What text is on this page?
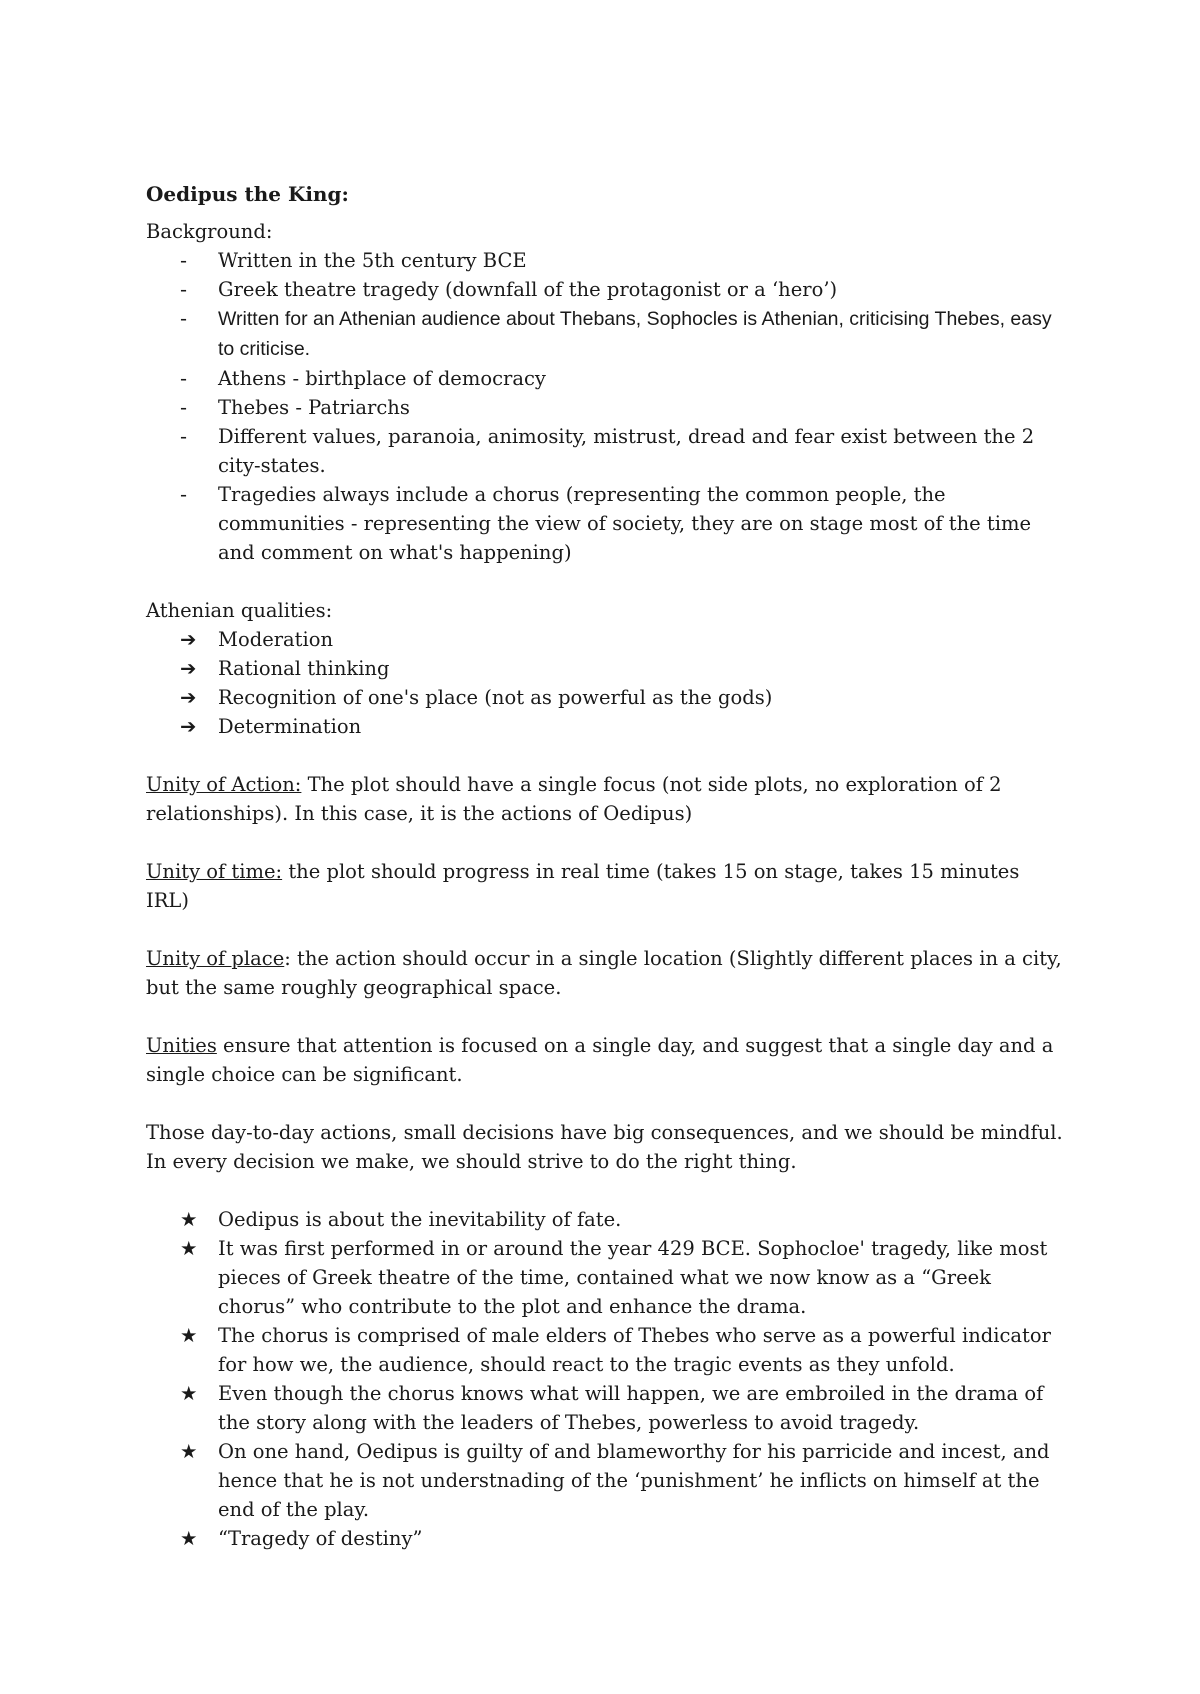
Oedipus the King:
Background:
-	Written in the 5th century BCE
-	Greek theatre tragedy (downfall of the protagonist or a ‘hero’)
-	Written for an Athenian audience about Thebans, Sophocles is Athenian, criticising Thebes, easy to criticise.
-	Athens - birthplace of democracy
-	Thebes - Patriarchs
-	Different values, paranoia, animosity, mistrust, dread and fear exist between the 2 city-states.
-	Tragedies always include a chorus (representing the common people, the communities - representing the view of society, they are on stage most of the time and comment on what's happening)
Athenian qualities:
➔	Moderation
➔	Rational thinking
➔	Recognition of one's place (not as powerful as the gods)
➔	Determination

Unity of Action: The plot should have a single focus (not side plots, no exploration of 2 relationships). In this case, it is the actions of Oedipus)

Unity of time: the plot should progress in real time (takes 15 on stage, takes 15 minutes IRL)

Unity of place: the action should occur in a single location (Slightly different places in a city, but the same roughly geographical space.

Unities ensure that attention is focused on a single day, and suggest that a single day and a single choice can be significant.

Those day-to-day actions, small decisions have big consequences, and we should be mindful. In every decision we make, we should strive to do the right thing.

★	Oedipus is about the inevitability of fate.
★	It was first performed in or around the year 429 BCE. Sophocloe' tragedy, like most pieces of Greek theatre of the time, contained what we now know as a “Greek chorus” who contribute to the plot and enhance the drama.
★	The chorus is comprised of male elders of Thebes who serve as a powerful indicator for how we, the audience, should react to the tragic events as they unfold.
★	Even though the chorus knows what will happen, we are embroiled in the drama of the story along with the leaders of Thebes, powerless to avoid tragedy.
★	On one hand, Oedipus is guilty of and blameworthy for his parricide and incest, and hence that he is not understnading of the ‘punishment’ he inflicts on himself at the end of the play.
★	“Tragedy of destiny”
